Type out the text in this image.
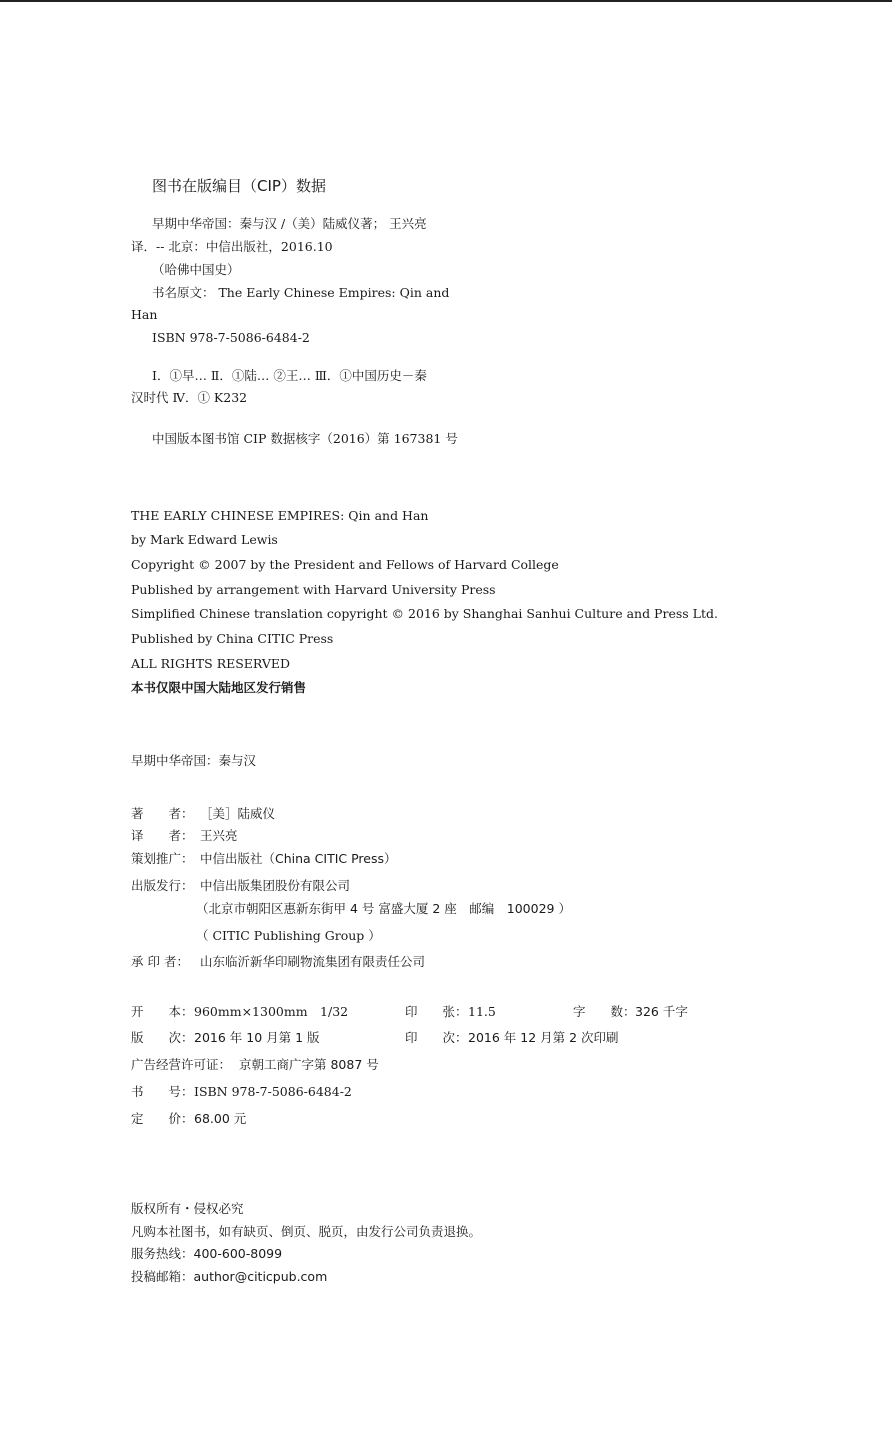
图书在版编目（CIP）数据
早期中华帝国：秦与汉 /（美）陆威仪著； 王兴亮
译．-- 北京：中信出版社，2016.10
（哈佛中国史）
书名原文： The Early Chinese Empires: Qin and
Han
ISBN 978-7-5086-6484-2
Ⅰ．①早… Ⅱ．①陆… ②王… Ⅲ．①中国历史－秦
汉时代 Ⅳ．① K232
中国版本图书馆 CIP 数据核字（2016）第 167381 号
THE EARLY CHINESE EMPIRES: Qin and Han
by Mark Edward Lewis
Copyright © 2007 by the President and Fellows of Harvard College
Published by arrangement with Harvard University Press
Simplified Chinese translation copyright © 2016 by Shanghai Sanhui Culture and Press Ltd.
Published by China CITIC Press
ALL RIGHTS RESERVED
本书仅限中国大陆地区发行销售
早期中华帝国：秦与汉
著　　者： ［美］陆威仪
译　　者： 王兴亮
策划推广： 中信出版社（China CITIC Press）
出版发行： 中信出版集团股份有限公司
（北京市朝阳区惠新东街甲 4 号 富盛大厦 2 座　邮编　100029 ）
（ CITIC Publishing Group ）
承 印 者： 山东临沂新华印刷物流集团有限责任公司
开　　本： 960mm×1300mm　1/32	印　　张： 11.5	字　　数： 326 千字
版　　次： 2016 年 10 月第 1 版	印　　次： 2016 年 12 月第 2 次印刷
广告经营许可证： 京朝工商广字第 8087 号
书　　号： ISBN 978-7-5086-6484-2
定　　价： 68.00 元
版权所有・侵权必究
凡购本社图书，如有缺页、倒页、脱页，由发行公司负责退换。
服务热线：400-600-8099
投稿邮箱：author@citicpub.com
